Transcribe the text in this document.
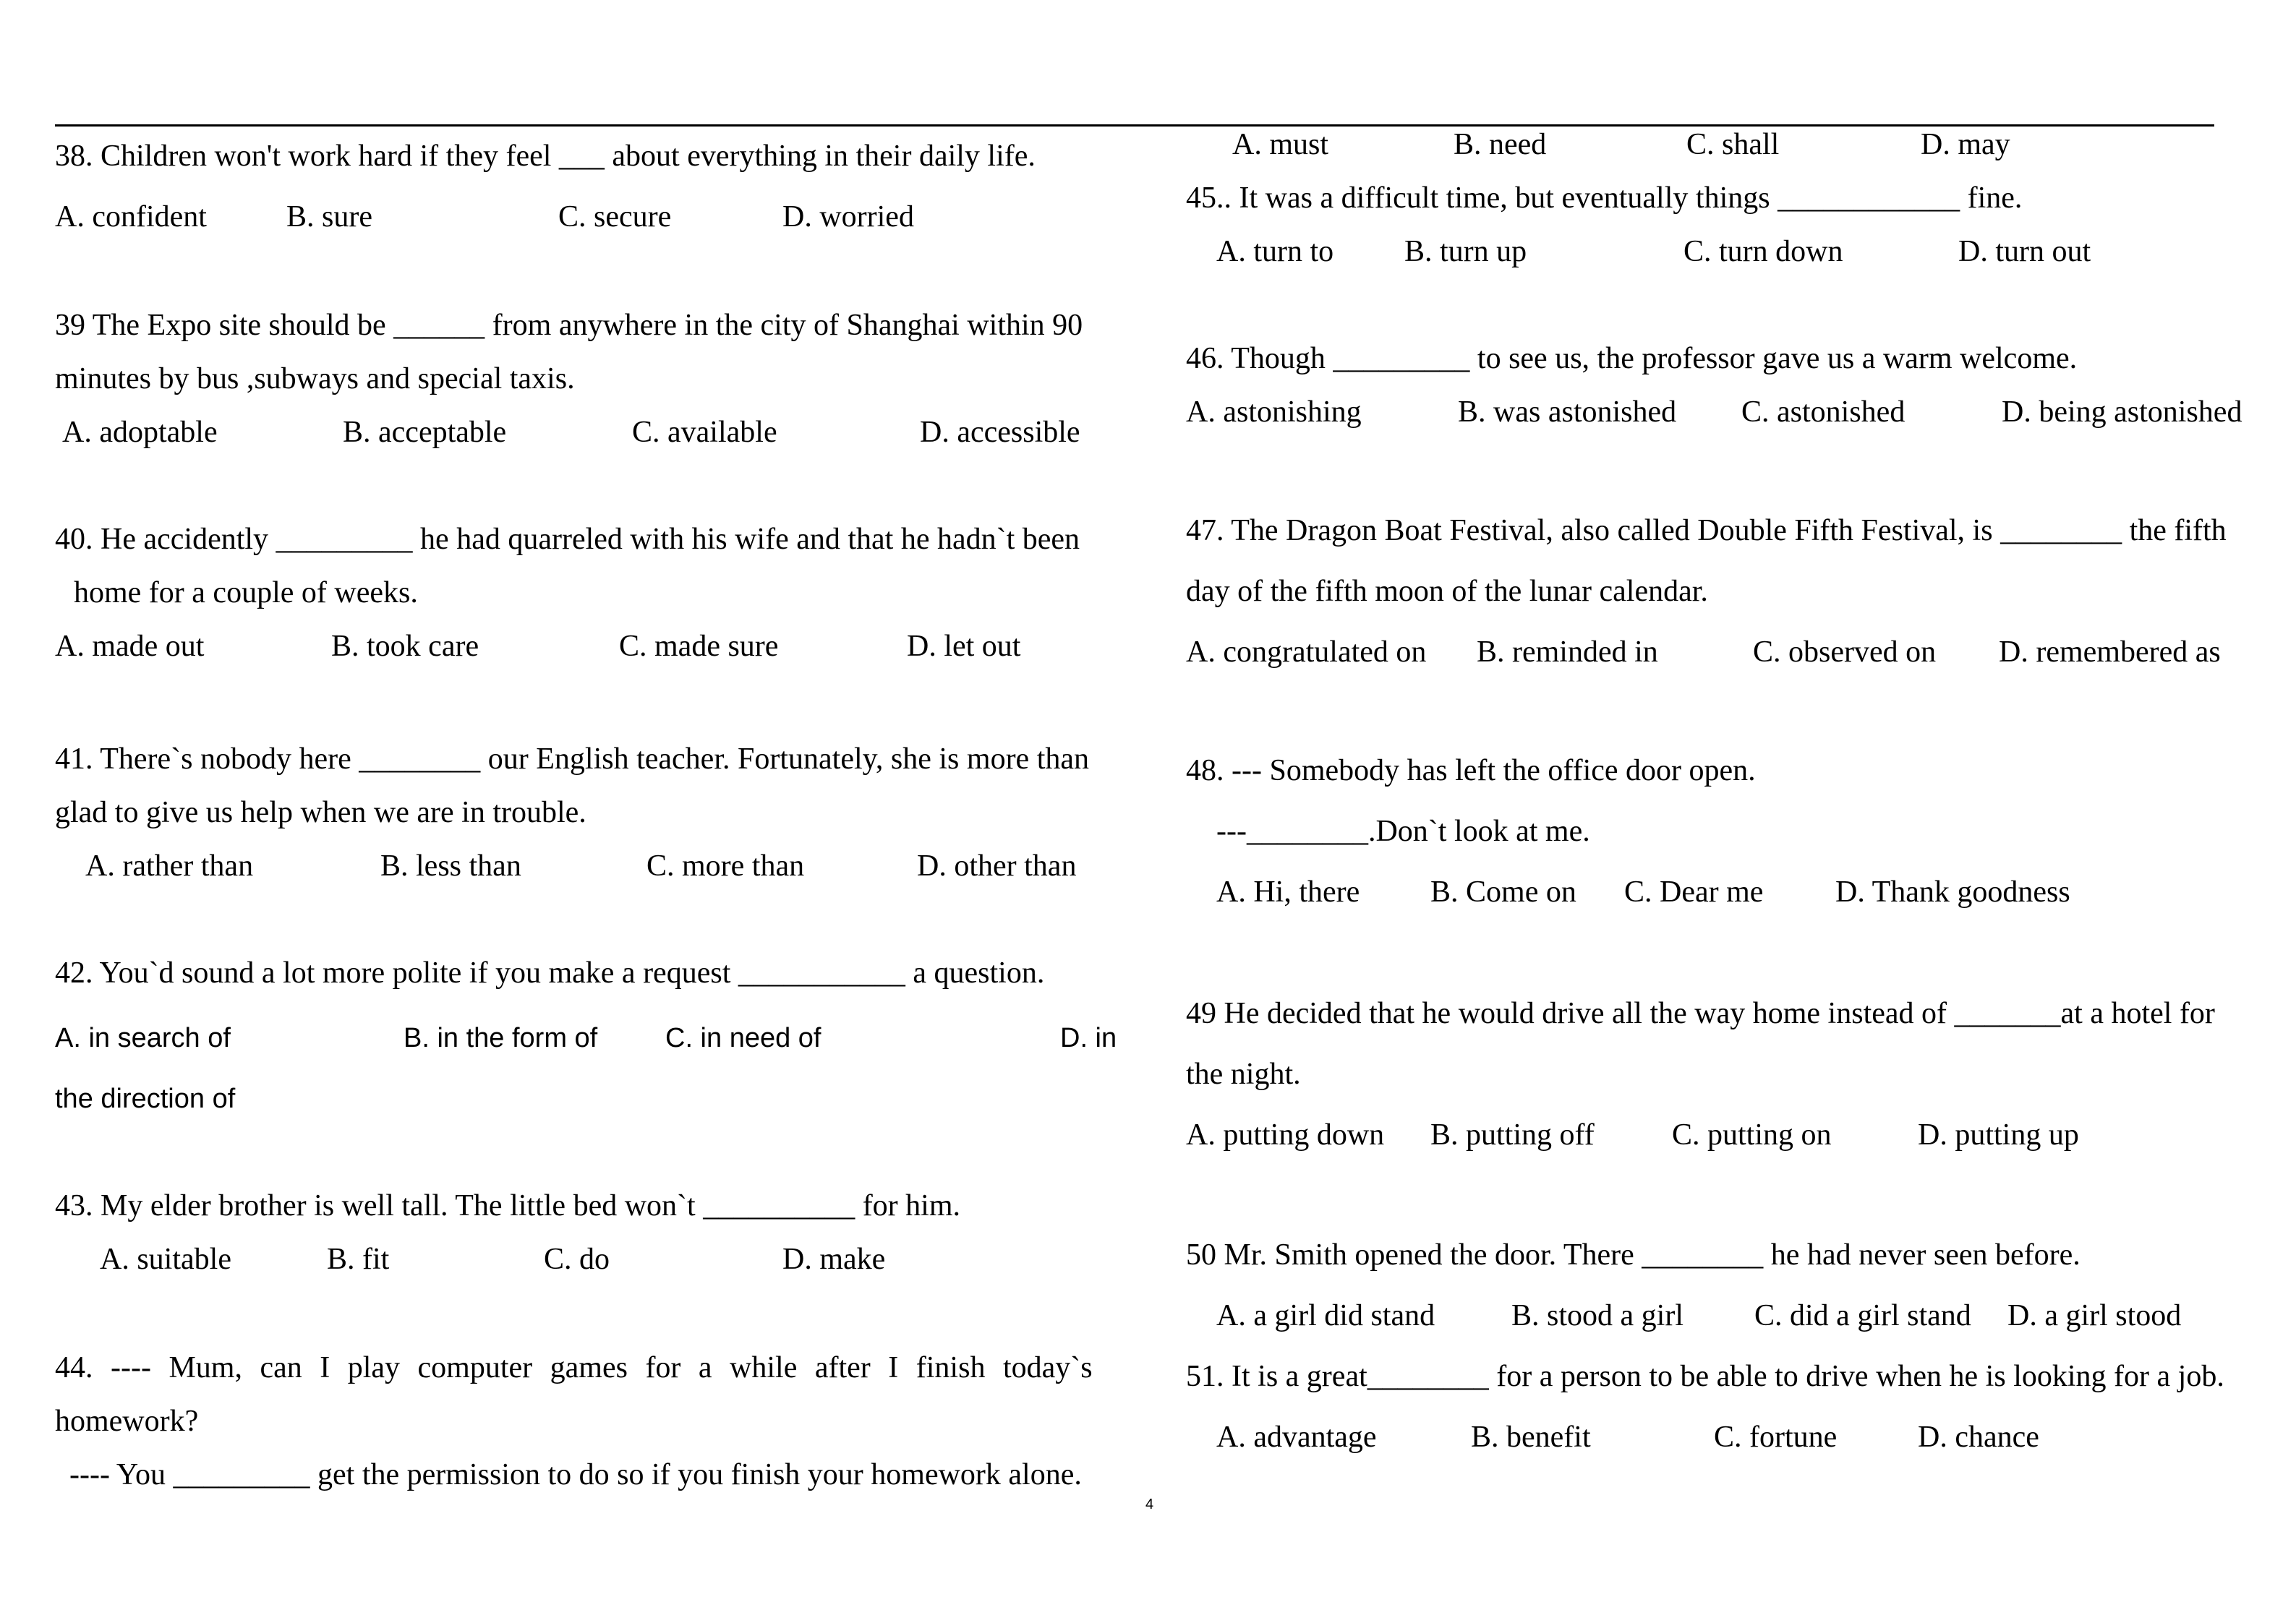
38. Children won't work hard if they feel ___ about everything in their daily life.
A. confident	B. sure	C. secure	D. worried
39 The Expo site should be ______ from anywhere in the city of Shanghai within 90
minutes by bus ,subways and special taxis.
A. adoptable	B. acceptable	C. available	D. accessible
40. He accidently _________ he had quarreled with his wife and that he hadn`t been
home for a couple of weeks.
A. made out	B. took care	C. made sure	D. let out
41. There`s nobody here ________ our English teacher. Fortunately, she is more than
glad to give us help when we are in trouble.
A. rather than	B. less than	C. more than	D. other than
42. You`d sound a lot more polite if you make a request ___________ a question.
A. in search of	B. in the form of C. in need of	D. in
the direction of
43. My elder brother is well tall. The little bed won`t __________ for him.
A. suitable	B. fit	C. do	D. make
44. ---- Mum, can I play computer games for a while after I finish today`s
homework?
---- You _________ get the permission to do so if you finish your homework alone.
A. must	B. need	C. shall	D. may
45.. It was a difficult time, but eventually things ____________ fine.
A. turn to B. turn up	C. turn down	D. turn out
46. Though _________ to see us, the professor gave us a warm welcome.
A. astonishing	B. was astonished C. astonished	D. being astonished
47. The Dragon Boat Festival, also called Double Fifth Festival, is ________ the fifth
day of the fifth moon of the lunar calendar.
A. congratulated on B. reminded in	C. observed on D. remembered as
48. --- Somebody has left the office door open.
---________.Don`t look at me.
A. Hi, there B. Come on C. Dear me D. Thank goodness
49 He decided that he would drive all the way home instead of _______at a hotel for
the night.
A. putting down B. putting off	C. putting on	D. putting up
50 Mr. Smith opened the door. There ________ he had never seen before.
A. a girl did stand	B. stood a girl C. did a girl stand D. a girl stood
51. It is a great________ for a person to be able to drive when he is looking for a job.
A. advantage	B. benefit	C. fortune	D. chance
4
